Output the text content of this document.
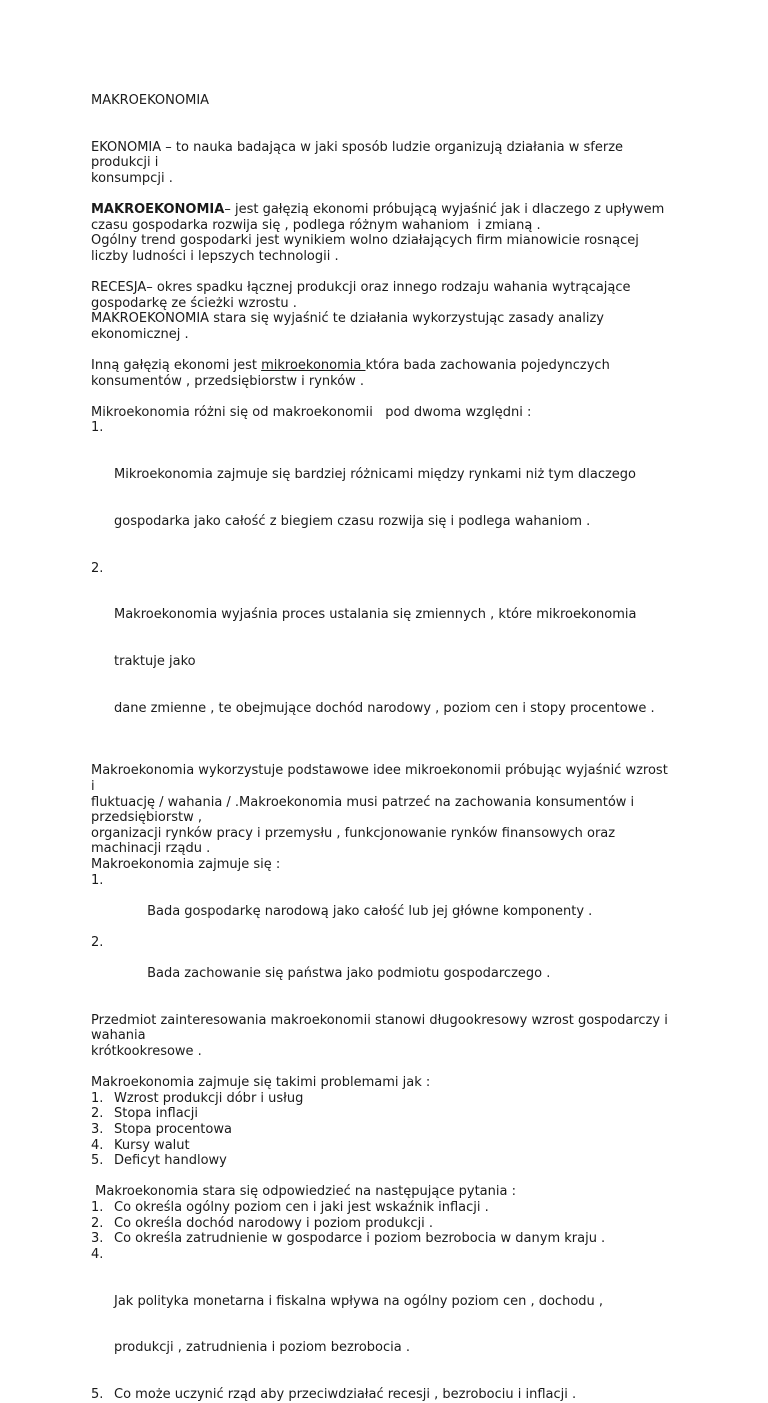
MAKROEKONOMIA

EKONOMIA – to nauka badająca w jaki sposób ludzie organizują działania w sferze

produkcji i

konsumpcji .

MAKROEKONOMIA– jest gałęzią ekonomi próbującą wyjaśnić jak i dlaczego z upływem

czasu gospodarka rozwija się , podlega różnym wahaniom  i zmianą .

Ogólny trend gospodarki jest wynikiem wolno działających firm mianowicie rosnącej

liczby ludności i lepszych technologii .

RECESJA– okres spadku łącznej produkcji oraz innego rodzaju wahania wytrącające

gospodarkę ze ścieżki wzrostu .

MAKROEKONOMIA stara się wyjaśnić te działania wykorzystując zasady analizy

ekonomicznej .

Inną gałęzią ekonomi jest mikroekonomia która bada zachowania pojedynczych

konsumentów , przedsiębiorstw i rynków .

Mikroekonomia różni się od makroekonomii   pod dwoma względni :

1.

Mikroekonomia zajmuje się bardziej różnicami między rynkami niż tym dlaczego

gospodarka jako całość z biegiem czasu rozwija się i podlega wahaniom .

2.

Makroekonomia wyjaśnia proces ustalania się zmiennych , które mikroekonomia

traktuje jako

dane zmienne , te obejmujące dochód narodowy , poziom cen i stopy procentowe .

Makroekonomia wykorzystuje podstawowe idee mikroekonomii próbując wyjaśnić wzrost

i

fluktuację / wahania / .Makroekonomia musi patrzeć na zachowania konsumentów i

przedsiębiorstw ,

organizacji rynków pracy i przemysłu , funkcjonowanie rynków finansowych oraz

machinacji rządu .

Makroekonomia zajmuje się :

1.

Bada gospodarkę narodową jako całość lub jej główne komponenty .

2.

Bada zachowanie się państwa jako podmiotu gospodarczego .

Przedmiot zainteresowania makroekonomii stanowi długookresowy wzrost gospodarczy i

wahania

krótkookresowe .

Makroekonomia zajmuje się takimi problemami jak :

1. Wzrost produkcji dóbr i usług
2. Stopa inflacji
3. Stopa procentowa
4. Kursy walut
5. Deficyt handlowy

Makroekonomia stara się odpowiedzieć na następujące pytania :

1. Co określa ogólny poziom cen i jaki jest wskaźnik inflacji .
2. Co określa dochód narodowy i poziom produkcji .
3. Co określa zatrudnienie w gospodarce i poziom bezrobocia w danym kraju .

4.

Jak polityka monetarna i fiskalna wpływa na ogólny poziom cen , dochodu ,

produkcji , zatrudnienia i poziom bezrobocia .

5. Co może uczynić rząd aby przeciwdziałać recesji , bezrobociu i inflacji .
